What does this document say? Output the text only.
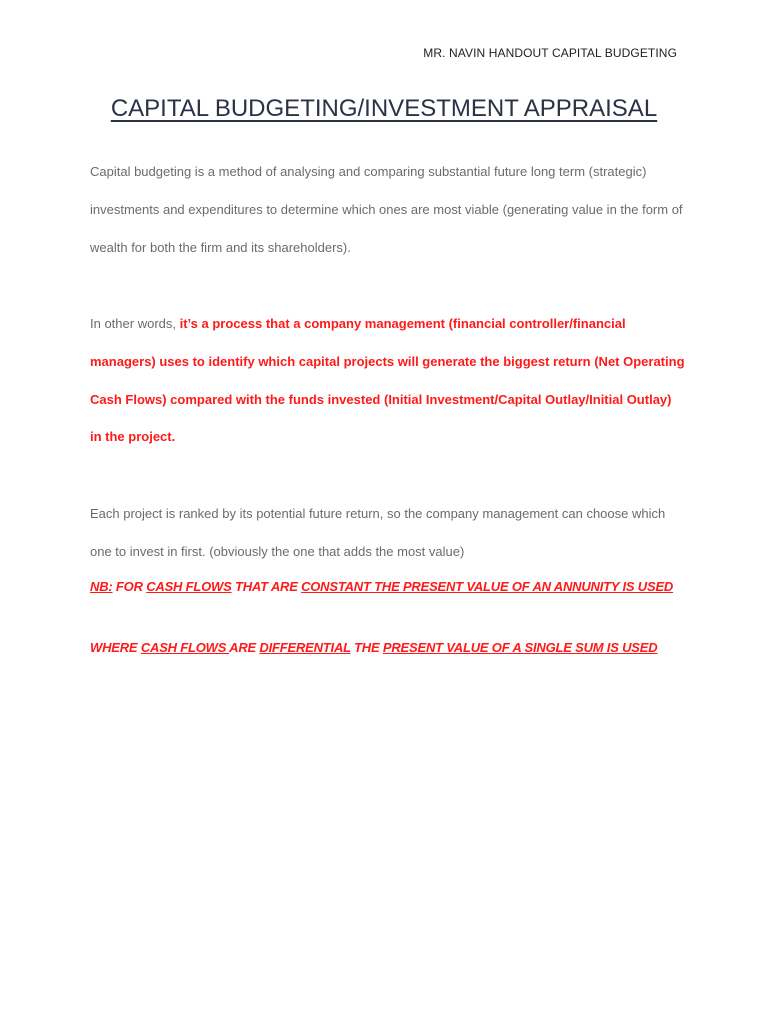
MR. NAVIN HANDOUT CAPITAL BUDGETING
CAPITAL BUDGETING/INVESTMENT APPRAISAL
Capital budgeting is a method of analysing and comparing substantial future long term (strategic) investments and expenditures to determine which ones are most viable (generating value in the form of wealth for both the firm and its shareholders).
In other words, it’s a process that a company management (financial controller/financial managers) uses to identify which capital projects will generate the biggest return (Net Operating Cash Flows) compared with the funds invested (Initial Investment/Capital Outlay/Initial Outlay) in the project.
Each project is ranked by its potential future return, so the company management can choose which one to invest in first. (obviously the one that adds the most value)
NB: FOR CASH FLOWS THAT ARE CONSTANT THE PRESENT VALUE OF AN ANNUNITY IS USED
WHERE CASH FLOWS ARE DIFFERENTIAL THE PRESENT VALUE OF A SINGLE SUM IS USED
